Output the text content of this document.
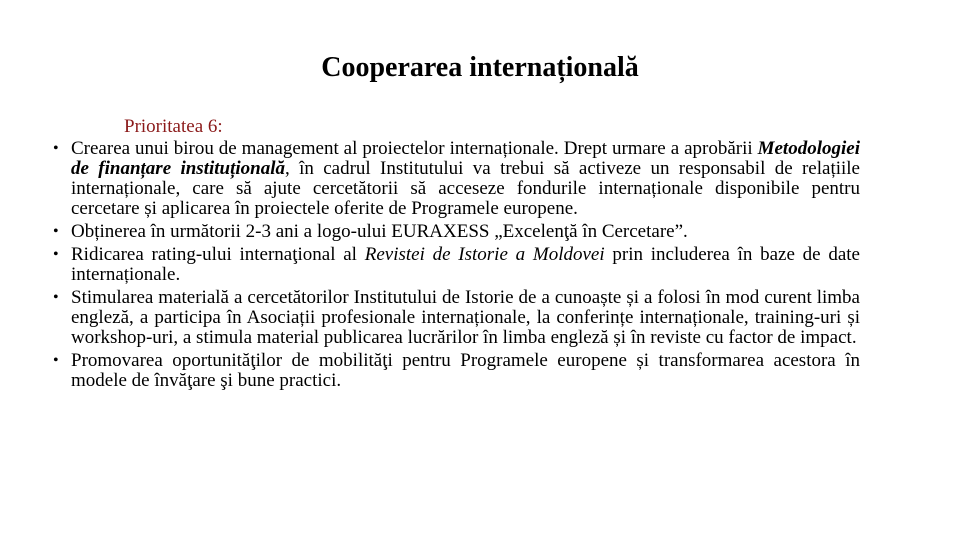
Cooperarea internațională
Prioritatea 6:
• Crearea unui birou de management al proiectelor internaționale. Drept urmare a aprobării Metodologiei de finanțare instituțională, în cadrul Institutului va trebui să activeze un responsabil de relațiile internaționale, care să ajute cercetătorii să acceseze fondurile internaționale disponibile pentru cercetare și aplicarea în proiectele oferite de Programele europene.
• Obținerea în următorii 2-3 ani a logo-ului EURAXESS „Excelenţă în Cercetare”.
• Ridicarea rating-ului internaţional al Revistei de Istorie a Moldovei prin includerea în baze de date internaționale.
• Stimularea materială a cercetătorilor Institutului de Istorie de a cunoaște și a folosi în mod curent limba engleză, a participa în Asociații profesionale internaționale, la conferințe internaționale, training-uri și workshop-uri, a stimula material publicarea lucrărilor în limba engleză și în reviste cu factor de impact.
• Promovarea oportunităţilor de mobilităţi pentru Programele europene și transformarea acestora în modele de învăţare şi bune practici.
